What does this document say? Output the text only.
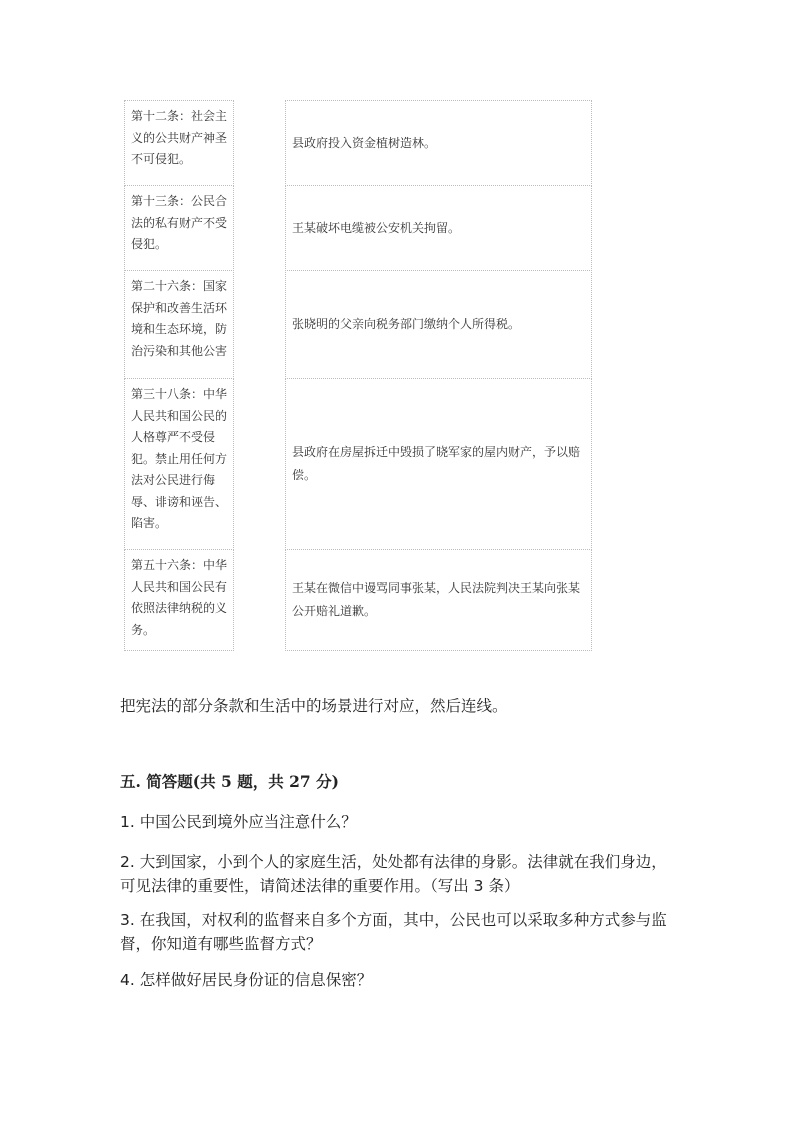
第十二条：社会主义的公共财产神圣不可侵犯。
第十三条：公民合法的私有财产不受侵犯。
第二十六条：国家保护和改善生活环境和生态环境，防治污染和其他公害
第三十八条：中华人民共和国公民的人格尊严不受侵犯。禁止用任何方法对公民进行侮辱、诽谤和诬告、陷害。
第五十六条：中华人民共和国公民有依照法律纳税的义务。
县政府投入资金植树造林。
王某破坏电缆被公安机关拘留。
张晓明的父亲向税务部门缴纳个人所得税。
县政府在房屋拆迁中毁损了晓军家的屋内财产，予以赔偿。
王某在微信中谩骂同事张某，人民法院判决王某向张某公开赔礼道歉。
把宪法的部分条款和生活中的场景进行对应，然后连线。
五. 简答题(共 5 题，共 27 分)
1. 中国公民到境外应当注意什么？
2. 大到国家，小到个人的家庭生活，处处都有法律的身影。法律就在我们身边，可见法律的重要性，请简述法律的重要作用。（写出 3 条）
3. 在我国，对权利的监督来自多个方面，其中，公民也可以采取多种方式参与监督，你知道有哪些监督方式？
4. 怎样做好居民身份证的信息保密？
